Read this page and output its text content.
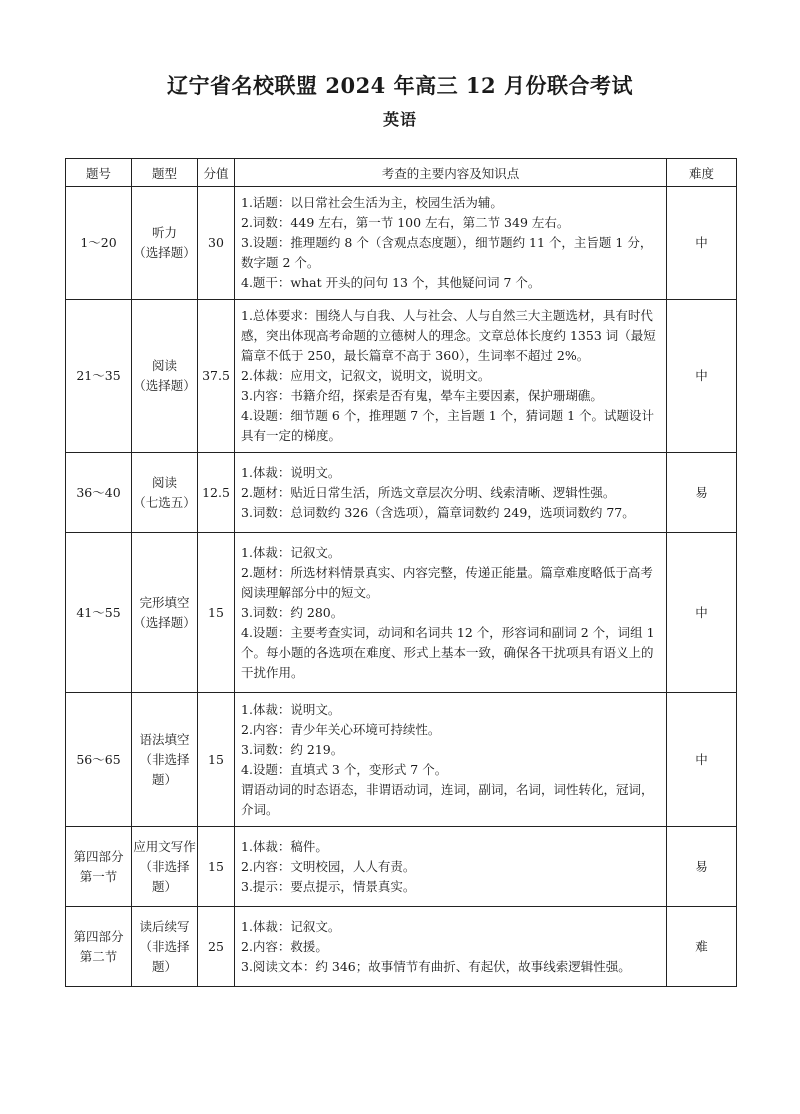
辽宁省名校联盟 2024 年高三 12 月份联合考试
英语
题号	题型	分值	考查的主要内容及知识点	难度

1～20	听力
（选择题）	30	1.话题：以日常社会生活为主，校园生活为辅。
2.词数：449 左右，第一节 100 左右，第二节 349 左右。
3.设题：推理题约 8 个（含观点态度题），细节题约 11 个，主旨题 1 分，数字题 2 个。
4.题干：what 开头的问句 13 个，其他疑问词 7 个。	中

21～35	阅读
（选择题）	37.5	1.总体要求：围绕人与自我、人与社会、人与自然三大主题选材，具有时代感，突出体现高考命题的立德树人的理念。文章总体长度约 1353 词（最短篇章不低于 250，最长篇章不高于 360），生词率不超过 2%。
2.体裁：应用文，记叙文，说明文，说明文。
3.内容：书籍介绍，探索是否有鬼，晕车主要因素，保护珊瑚礁。
4.设题：细节题 6 个，推理题 7 个，主旨题 1 个，猜词题 1 个。试题设计具有一定的梯度。	中

36～40	阅读
（七选五）	12.5	1.体裁：说明文。
2.题材：贴近日常生活，所选文章层次分明、线索清晰、逻辑性强。
3.词数：总词数约 326（含选项），篇章词数约 249，选项词数约 77。	易

41～55	完形填空
（选择题）	15	1.体裁：记叙文。
2.题材：所选材料情景真实、内容完整，传递正能量。篇章难度略低于高考阅读理解部分中的短文。
3.词数：约 280。
4.设题：主要考查实词，动词和名词共 12 个，形容词和副词 2 个，词组 1 个。每小题的各选项在难度、形式上基本一致，确保各干扰项具有语义上的干扰作用。	中

56～65	语法填空
（非选择题）	15	1.体裁：说明文。
2.内容：青少年关心环境可持续性。
3.词数：约 219。
4.设题：直填式 3 个，变形式 7 个。
谓语动词的时态语态，非谓语动词，连词，副词，名词，词性转化，冠词，介词。	中

第四部分
第一节	应用文写作
（非选择题）	15	1.体裁：稿件。
2.内容：文明校园，人人有责。
3.提示：要点提示，情景真实。	易

第四部分
第二节	读后续写
（非选择题）	25	1.体裁：记叙文。
2.内容：救援。
3.阅读文本：约 346；故事情节有曲折、有起伏，故事线索逻辑性强。	难
